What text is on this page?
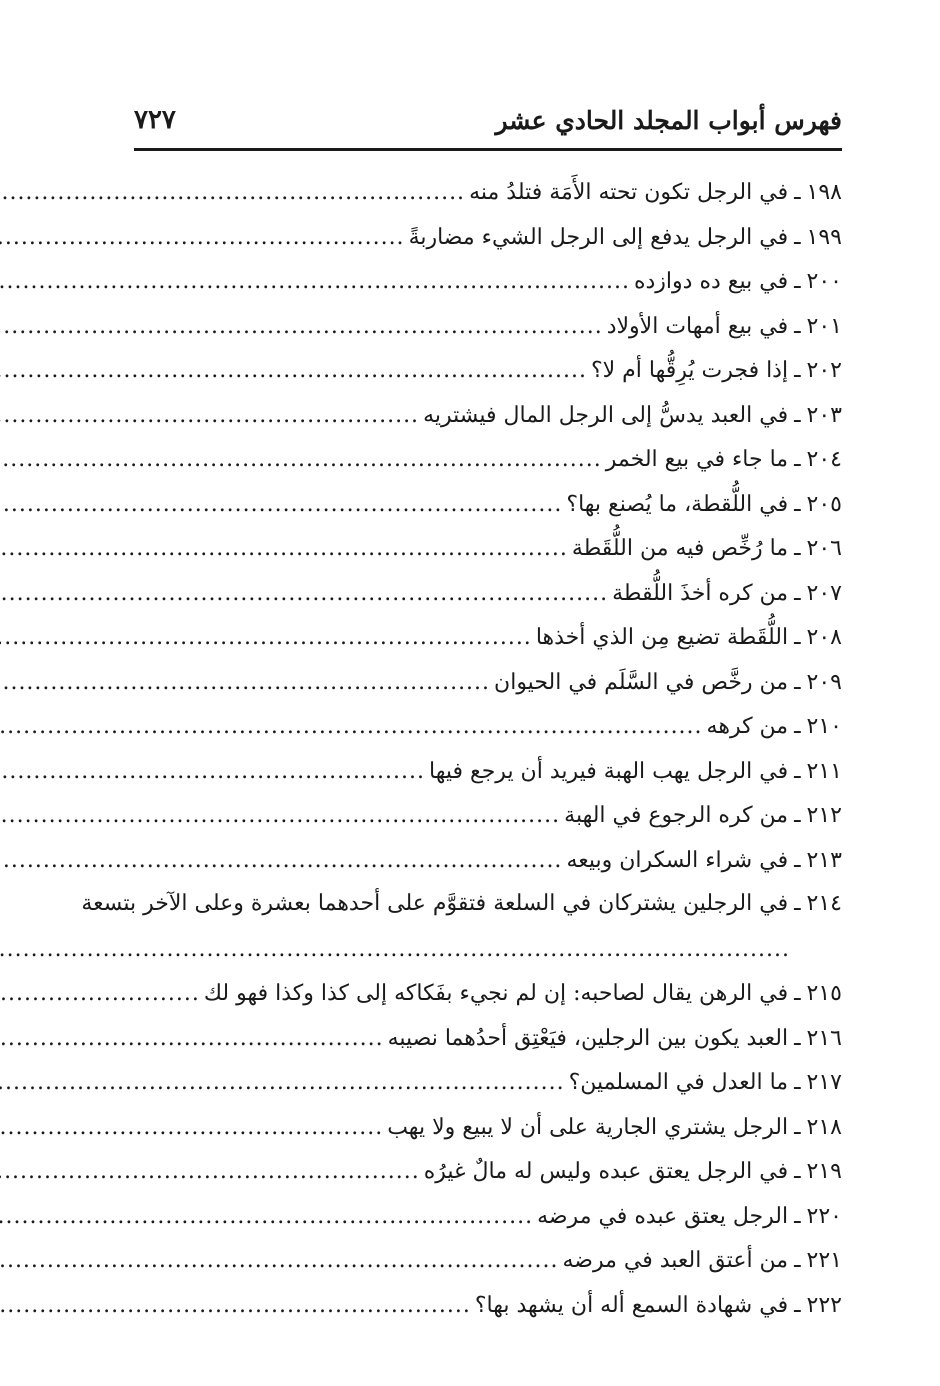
فهرس أبواب المجلد الحادي عشر
٧٢٧
١٩٨
ـ
في الرجل تكون تحته الأَمَة فتلدُ منه
.....
١٩٩
ـ
في الرجل يدفع إلى الرجل الشيء مضاربةً
.....
٢٠٠
ـ
في بيع ده دوازده
.....
٢٠١
ـ
في بيع أمهات الأولاد
.....
٢٠٢
ـ
إذا فجرت يُرِقُّها أم لا؟
.....
٢٠٣
ـ
في العبد يدسُّ إلى الرجل المال فيشتريه
.....
٢٠٤
ـ
ما جاء في بيع الخمر
.....
٢٠٥
ـ
في اللُّقطة، ما يُصنع بها؟
.....
٢٠٦
ـ
ما رُخِّص فيه من اللُّقَطة
.....
٢٠٧
ـ
من كره أخذَ اللُّقطة
.....
٢٠٨
ـ
اللُّقَطة تضيع مِن الذي أخذها
.....
٢٠٩
ـ
من رخَّص في السَّلَم في الحيوان
.....
٢١٠
ـ
من كرهه
.....
٢١١
ـ
في الرجل يهب الهبة فيريد أن يرجع فيها
.....
٢١٢
ـ
من كره الرجوع في الهبة
.....
٢١٣
ـ
في شراء السكران وبيعه
.....
٢١٤
ـ
في الرجلين يشتركان في السلعة فتقوَّم على أحدهما بعشرة وعلى الآخر بتسعة
.....
٢١٥
ـ
في الرهن يقال لصاحبه: إن لم نجيء بفَكاكه إلى كذا وكذا فهو لك
.....
٢١٦
ـ
العبد يكون بين الرجلين، فيَعْتِق أحدُهما نصيبه
.....
٢١٧
ـ
ما العدل في المسلمين؟
.....
٢١٨
ـ
الرجل يشتري الجارية على أن لا يبيع ولا يهب
.....
٢١٩
ـ
في الرجل يعتق عبده وليس له مالٌ غيرُه
.....
٢٢٠
ـ
الرجل يعتق عبده في مرضه
.....
٢٢١
ـ
من أعتق العبد في مرضه
.....
٢٢٢
ـ
في شهادة السمع أله أن يشهد بها؟
.....
